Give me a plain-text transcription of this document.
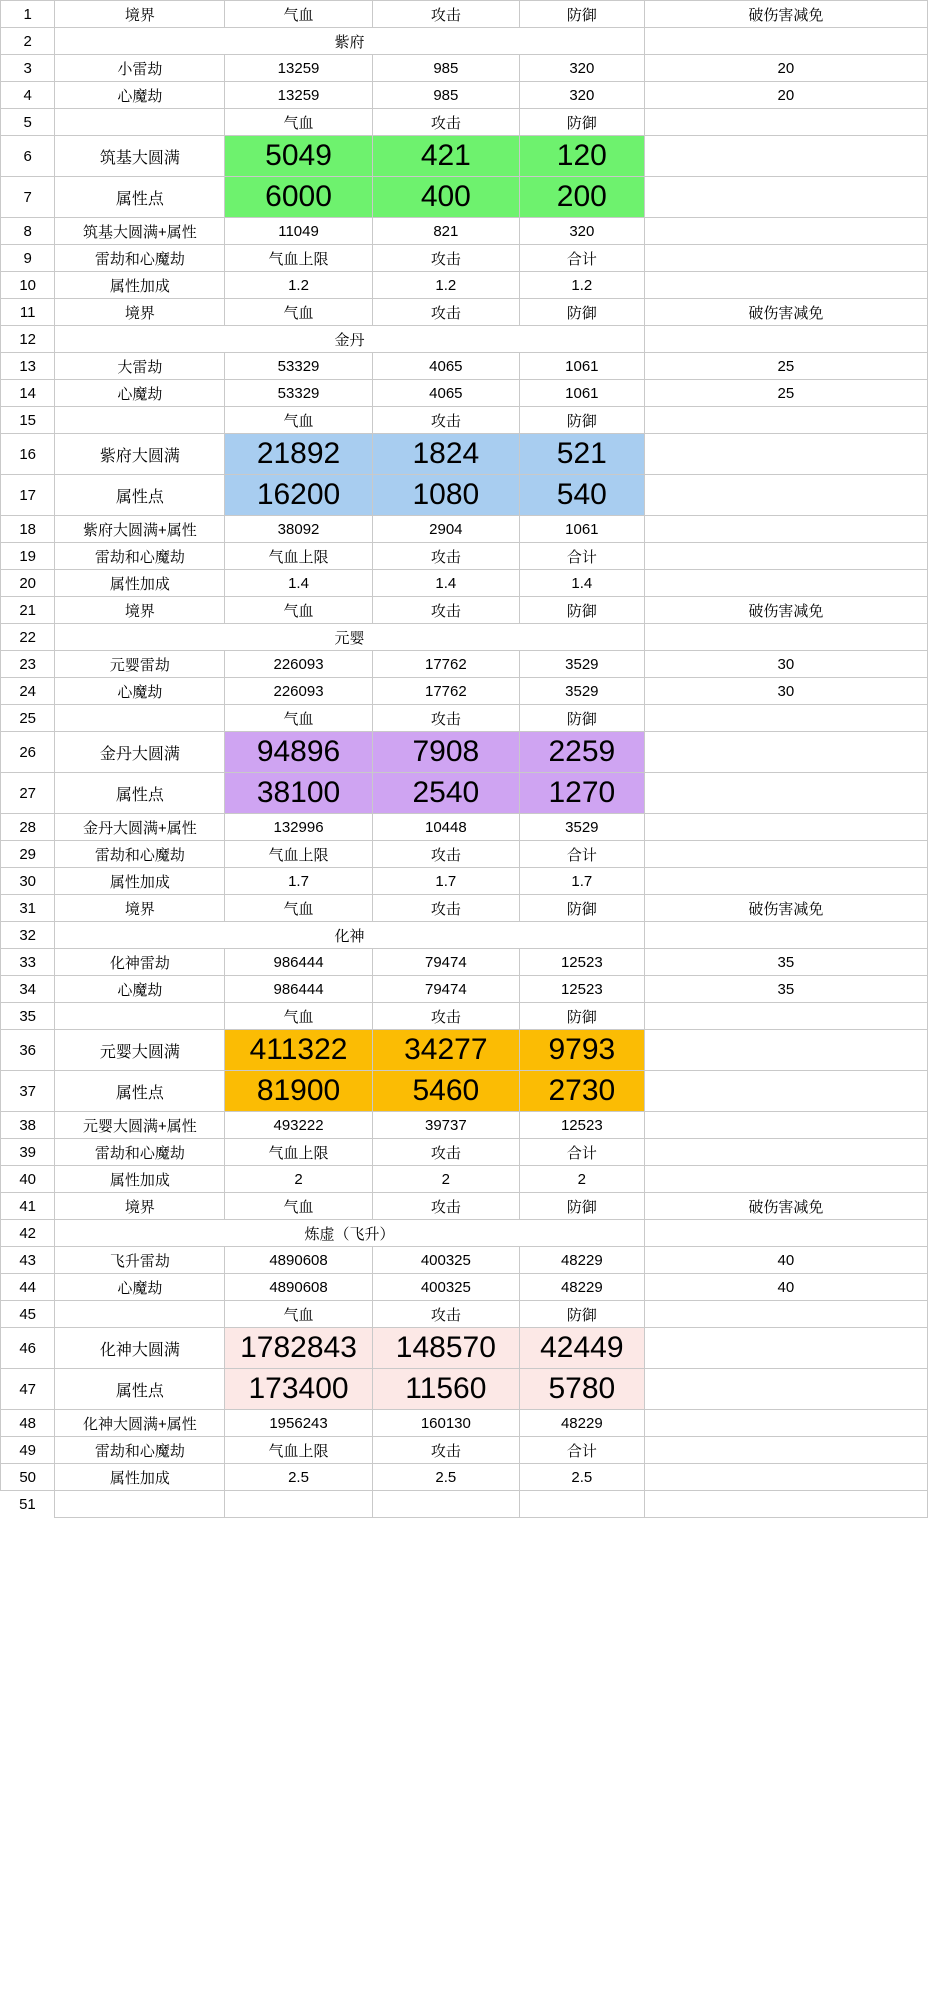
1	境界	气血	攻击	防御	破伤害减免
2	紫府				
3	小雷劫	13259	985	320	20
4	心魔劫	13259	985	320	20
5		气血	攻击	防御	
6	筑基大圆满	5049	421	120	
7	属性点	6000	400	200	
8	筑基大圆满+属性	11049	821	320	
9	雷劫和心魔劫	气血上限	攻击	合计	
10	属性加成	1.2	1.2	1.2	
11	境界	气血	攻击	防御	破伤害减免
12	金丹				
13	大雷劫	53329	4065	1061	25
14	心魔劫	53329	4065	1061	25
15		气血	攻击	防御	
16	紫府大圆满	21892	1824	521	
17	属性点	16200	1080	540	
18	紫府大圆满+属性	38092	2904	1061	
19	雷劫和心魔劫	气血上限	攻击	合计	
20	属性加成	1.4	1.4	1.4	
21	境界	气血	攻击	防御	破伤害减免
22	元婴				
23	元婴雷劫	226093	17762	3529	30
24	心魔劫	226093	17762	3529	30
25		气血	攻击	防御	
26	金丹大圆满	94896	7908	2259	
27	属性点	38100	2540	1270	
28	金丹大圆满+属性	132996	10448	3529	
29	雷劫和心魔劫	气血上限	攻击	合计	
30	属性加成	1.7	1.7	1.7	
31	境界	气血	攻击	防御	破伤害减免
32	化神				
33	化神雷劫	986444	79474	12523	35
34	心魔劫	986444	79474	12523	35
35		气血	攻击	防御	
36	元婴大圆满	411322	34277	9793	
37	属性点	81900	5460	2730	
38	元婴大圆满+属性	493222	39737	12523	
39	雷劫和心魔劫	气血上限	攻击	合计	
40	属性加成	2	2	2	
41	境界	气血	攻击	防御	破伤害减免
42	炼虚（飞升）				
43	飞升雷劫	4890608	400325	48229	40
44	心魔劫	4890608	400325	48229	40
45		气血	攻击	防御	
46	化神大圆满	1782843	148570	42449	
47	属性点	173400	11560	5780	
48	化神大圆满+属性	1956243	160130	48229	
49	雷劫和心魔劫	气血上限	攻击	合计	
50	属性加成	2.5	2.5	2.5	
51					
